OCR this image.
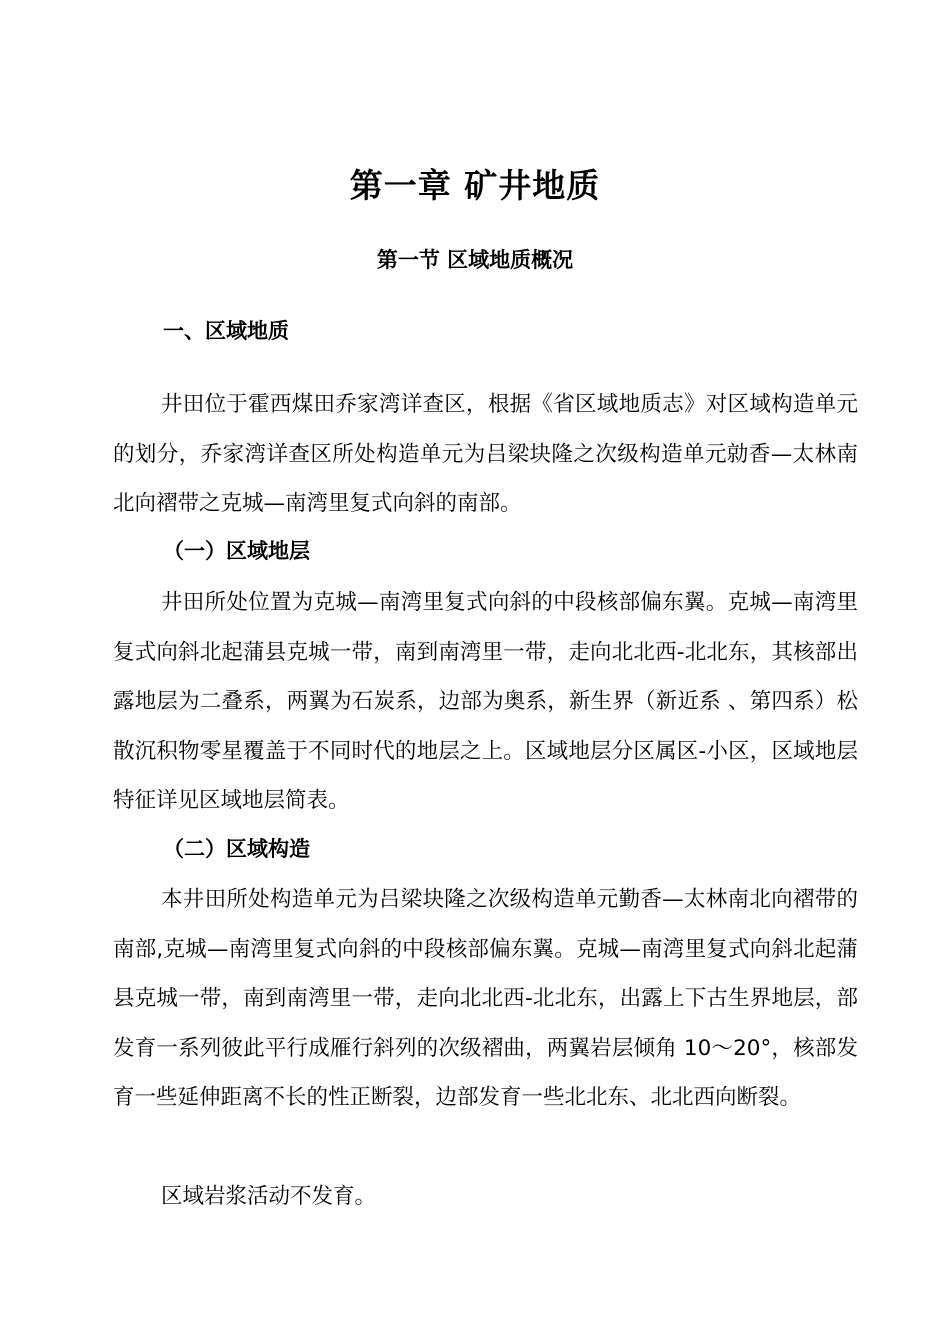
第一章 矿井地质
第一节 区域地质概况
一、区域地质

井田位于霍西煤田乔家湾详查区，根据《省区域地质志》对区域构造单元的划分，乔家湾详查区所处构造单元为吕梁块隆之次级构造单元勍香—太林南北向褶带之克城—南湾里复式向斜的南部。

（一）区域地层

井田所处位置为克城—南湾里复式向斜的中段核部偏东翼。克城—南湾里复式向斜北起蒲县克城一带，南到南湾里一带，走向北北西-北北东，其核部出露地层为二叠系，两翼为石炭系，边部为奥系，新生界（新近系 、第四系）松散沉积物零星覆盖于不同时代的地层之上。区域地层分区属区-小区，区域地层特征详见区域地层简表。

（二）区域构造

本井田所处构造单元为吕梁块隆之次级构造单元勤香—太林南北向褶带的南部,克城—南湾里复式向斜的中段核部偏东翼。克城—南湾里复式向斜北起蒲县克城一带，南到南湾里一带，走向北北西-北北东，出露上下古生界地层，部发育一系列彼此平行成雁行斜列的次级褶曲，两翼岩层倾角 10～20°，核部发育一些延伸距离不长的性正断裂，边部发育一些北北东、北北西向断裂。

区域岩浆活动不发育。
